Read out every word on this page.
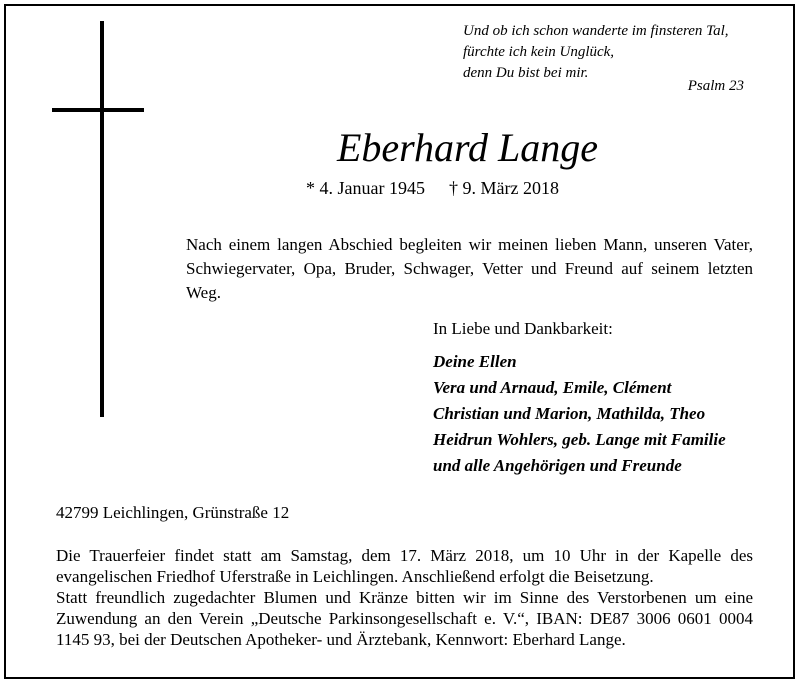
Und ob ich schon wanderte im finsteren Tal,
fürchte ich kein Unglück,
denn Du bist bei mir.
Psalm 23
Eberhard Lange
* 4. Januar 1945 † 9. März 2018
Nach einem langen Abschied begleiten wir meinen lieben Mann, unseren Vater, Schwiegervater, Opa, Bruder, Schwager, Vetter und Freund auf seinem letzten Weg.
In Liebe und Dankbarkeit:
Deine Ellen
Vera und Arnaud, Emile, Clément
Christian und Marion, Mathilda, Theo
Heidrun Wohlers, geb. Lange mit Familie
und alle Angehörigen und Freunde
42799 Leichlingen, Grünstraße 12

Die Trauerfeier findet statt am Samstag, dem 17. März 2018, um 10 Uhr in der Kapelle des evangelischen Friedhof Uferstraße in Leichlingen. Anschließend erfolgt die Beisetzung.

Statt freundlich zugedachter Blumen und Kränze bitten wir im Sinne des Verstorbenen um eine Zuwendung an den Verein „Deutsche Parkinsongesellschaft e. V.“, IBAN: DE87 3006 0601 0004 1145 93, bei der Deutschen Apotheker- und Ärztebank, Kennwort: Eberhard Lange.
